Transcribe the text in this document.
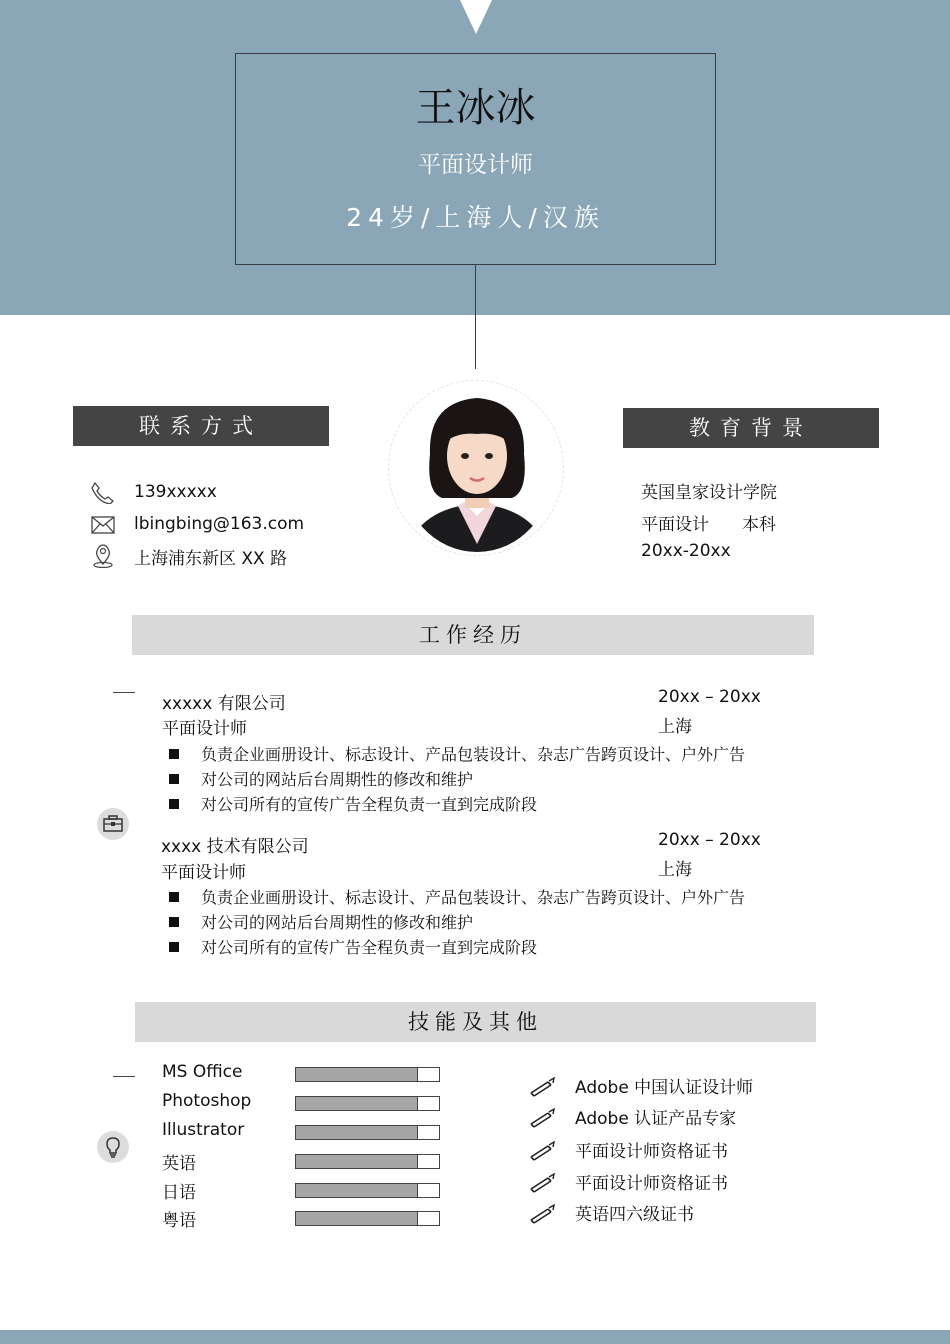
王冰冰
平面设计师
24岁/上海人/汉族
联系方式
139xxxxx
lbingbing@163.com
上海浦东新区 XX 路
教育背景
英国皇家设计学院
平面设计 本科
20xx-20xx
工作经历
xxxxx 有限公司
平面设计师
20xx – 20xx
上海
负责企业画册设计、标志设计、产品包装设计、杂志广告跨页设计、户外广告
对公司的网站后台周期性的修改和维护
对公司所有的宣传广告全程负责一直到完成阶段
xxxx 技术有限公司
平面设计师
20xx – 20xx
上海
负责企业画册设计、标志设计、产品包装设计、杂志广告跨页设计、户外广告
对公司的网站后台周期性的修改和维护
对公司所有的宣传广告全程负责一直到完成阶段
技能及其他
MS Office
Photoshop
Illustrator
英语
日语
粤语
Adobe 中国认证设计师
Adobe 认证产品专家
平面设计师资格证书
平面设计师资格证书
英语四六级证书
